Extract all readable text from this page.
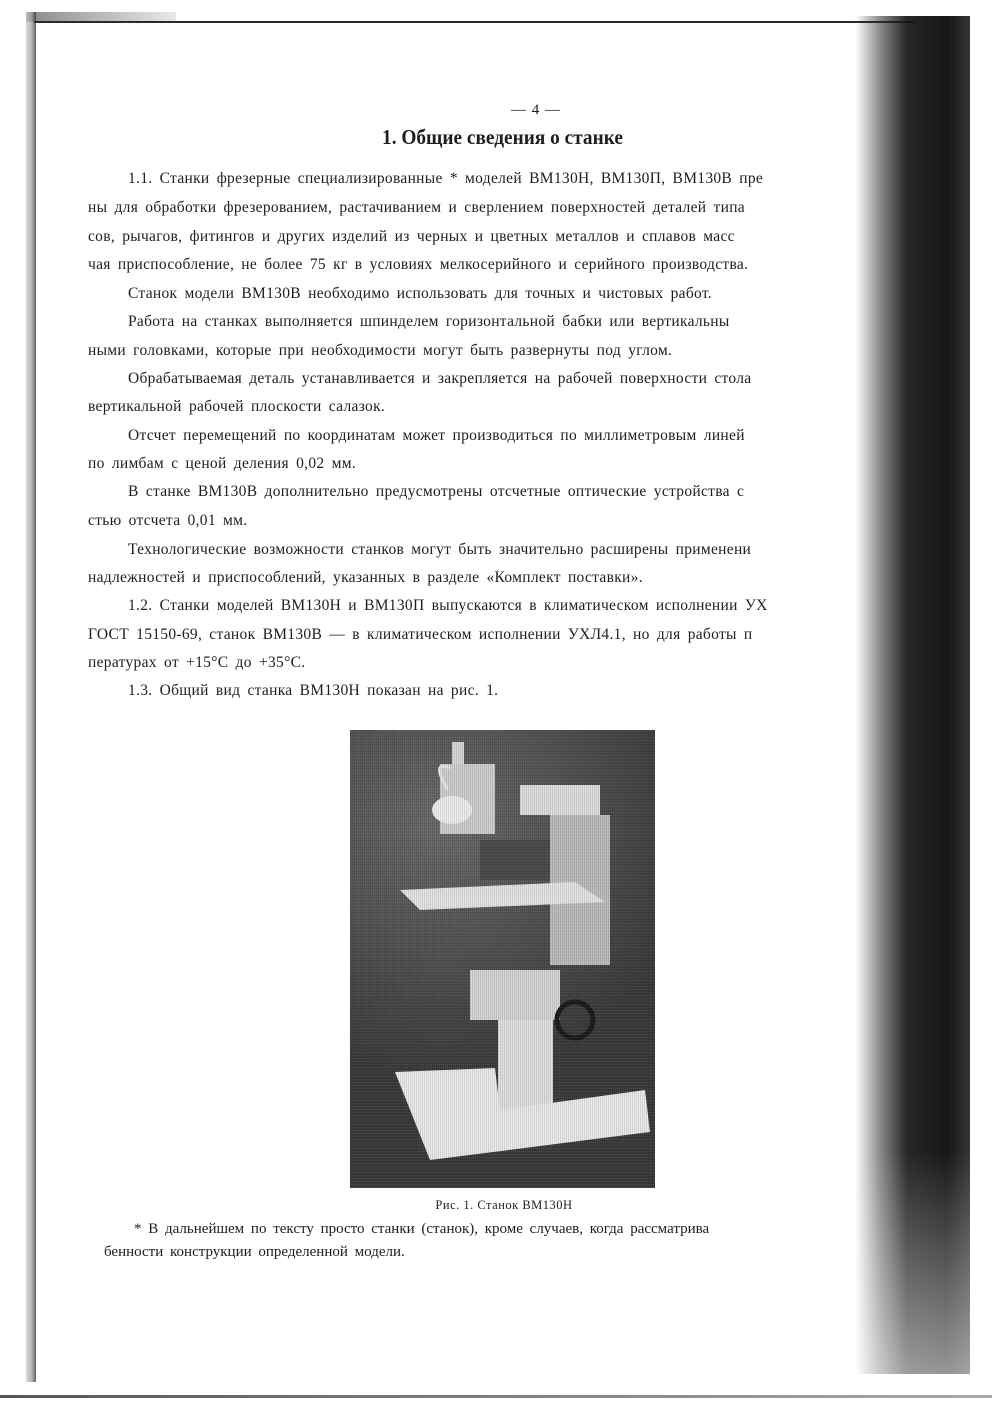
— 4 —
1. Общие сведения о станке
1.1. Станки фрезерные специализированные * моделей ВМ130Н, ВМ130П, ВМ130В пре
ны для обработки фрезерованием, растачиванием и сверлением поверхностей деталей типа
сов, рычагов, фитингов и других изделий из черных и цветных металлов и сплавов масс
чая приспособление, не более 75 кг в условиях мелкосерийного и серийного производства.
Станок модели ВМ130В необходимо использовать для точных и чистовых работ.
Работа на станках выполняется шпинделем горизонтальной бабки или вертикальны
ными головками, которые при необходимости могут быть развернуты под углом.
Обрабатываемая деталь устанавливается и закрепляется на рабочей поверхности стола
вертикальной рабочей плоскости салазок.
Отсчет перемещений по координатам может производиться по миллиметровым линей
по лимбам с ценой деления 0,02 мм.
В станке ВМ130В дополнительно предусмотрены отсчетные оптические устройства с
стью отсчета 0,01 мм.
Технологические возможности станков могут быть значительно расширены применени
надлежностей и приспособлений, указанных в разделе «Комплект поставки».
1.2. Станки моделей ВМ130Н и ВМ130П выпускаются в климатическом исполнении УХ
ГОСТ 15150-69, станок ВМ130В — в климатическом исполнении УХЛ4.1, но для работы п
пературах от +15°С до +35°С.
1.3. Общий вид станка ВМ130Н показан на рис. 1.
Рис. 1. Станок ВМ130Н
* В дальнейшем по тексту просто станки (станок), кроме случаев, когда рассматрива
бенности конструкции определенной модели.
